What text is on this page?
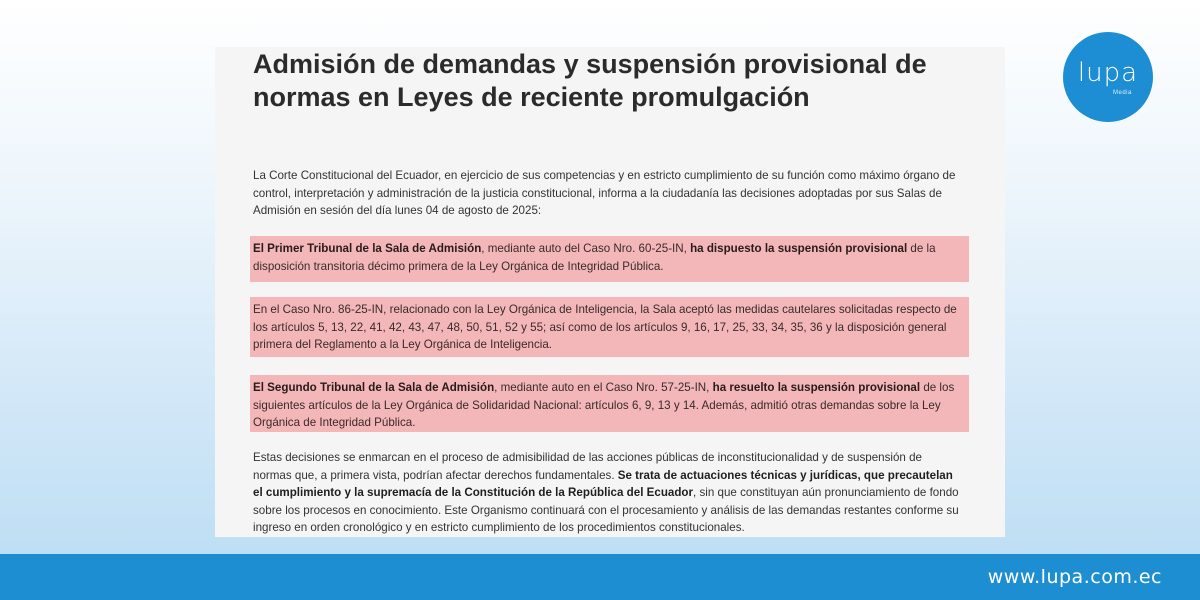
Admisión de demandas y suspensión provisional de normas en Leyes de reciente promulgación

La Corte Constitucional del Ecuador, en ejercicio de sus competencias y en estricto cumplimiento de su función como máximo órgano de control, interpretación y administración de la justicia constitucional, informa a la ciudadanía las decisiones adoptadas por sus Salas de Admisión en sesión del día lunes 04 de agosto de 2025:

El Primer Tribunal de la Sala de Admisión, mediante auto del Caso Nro. 60-25-IN, ha dispuesto la suspensión provisional de la disposición transitoria décimo primera de la Ley Orgánica de Integridad Pública.

En el Caso Nro. 86-25-IN, relacionado con la Ley Orgánica de Inteligencia, la Sala aceptó las medidas cautelares solicitadas respecto de los artículos 5, 13, 22, 41, 42, 43, 47, 48, 50, 51, 52 y 55; así como de los artículos 9, 16, 17, 25, 33, 34, 35, 36 y la disposición general primera del Reglamento a la Ley Orgánica de Inteligencia.

El Segundo Tribunal de la Sala de Admisión, mediante auto en el Caso Nro. 57-25-IN, ha resuelto la suspensión provisional de los siguientes artículos de la Ley Orgánica de Solidaridad Nacional: artículos 6, 9, 13 y 14. Además, admitió otras demandas sobre la Ley Orgánica de Integridad Pública.

Estas decisiones se enmarcan en el proceso de admisibilidad de las acciones públicas de inconstitucionalidad y de suspensión de normas que, a primera vista, podrían afectar derechos fundamentales. Se trata de actuaciones técnicas y jurídicas, que precautelan el cumplimiento y la supremacía de la Constitución de la República del Ecuador, sin que constituyan aún pronunciamiento de fondo sobre los procesos en conocimiento. Este Organismo continuará con el procesamiento y análisis de las demandas restantes conforme su ingreso en orden cronológico y en estricto cumplimiento de los procedimientos constitucionales.

lupa
Media
www.lupa.com.ec
